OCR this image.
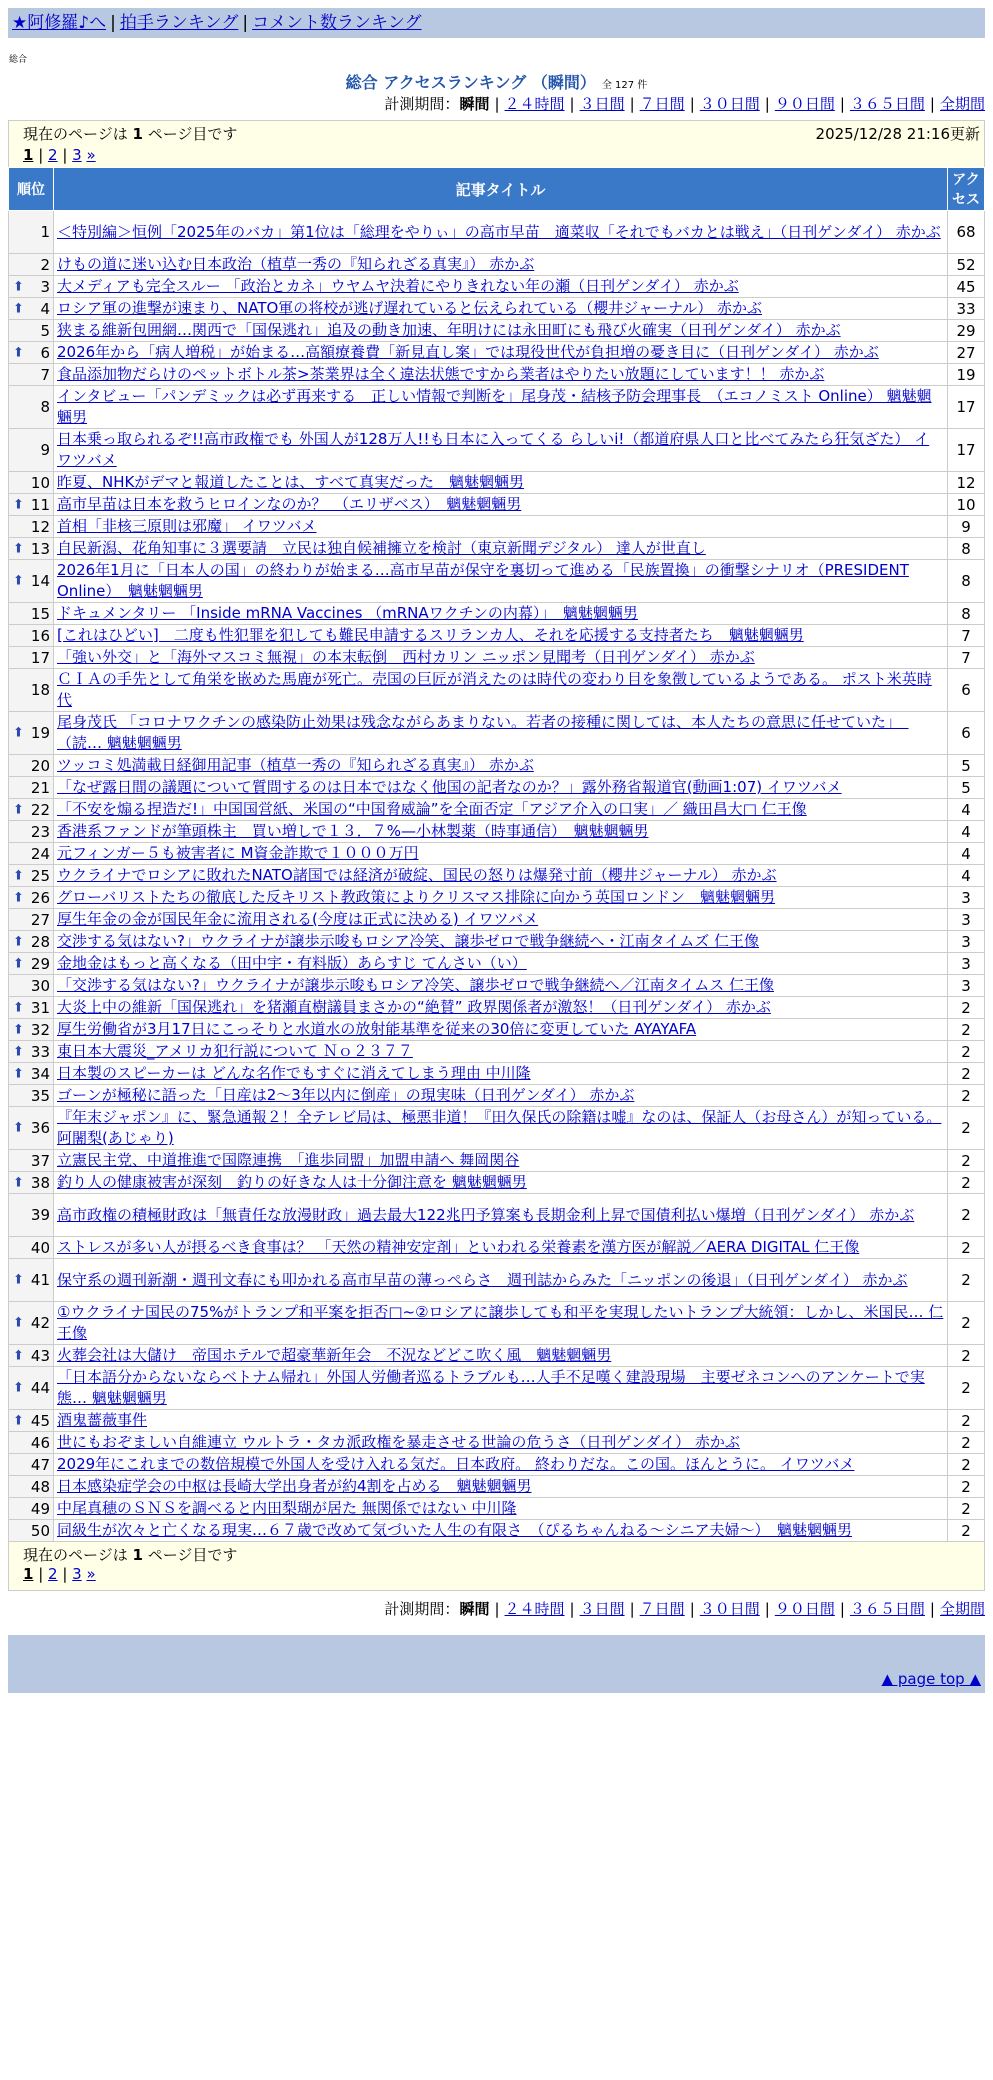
★阿修羅♪へ | 拍手ランキング | コメント数ランキング
総合
総合 アクセスランキング （瞬間） 全 127 件
計測期間：瞬間 | ２４時間 | ３日間 | ７日間 | ３０日間 | ９０日間 | ３６５日間 | 全期間
現在のページは 1 ページ目です	2025/12/28 21:16更新
1 | 2 | 3 »
順位	記事タイトル	アクセス
1	＜特別編＞恒例「2025年のバカ」第1位は「総理をやりぃ」の高市早苗　適菜収「それでもバカとは戦え」（日刊ゲンダイ） 赤かぶ	68
2	けもの道に迷い込む日本政治（植草一秀の『知られざる真実』） 赤かぶ	52

⬆ 3	大メディアも完全スルー 「政治とカネ」ウヤムヤ決着にやりきれない年の瀬（日刊ゲンダイ） 赤かぶ	45

⬆ 4	ロシア軍の進撃が速まり、NATO軍の将校が逃げ遅れていると伝えられている（櫻井ジャーナル） 赤かぶ	33
5	狭まる維新包囲網…関西で「国保逃れ」追及の動き加速、年明けには永田町にも飛び火確実（日刊ゲンダイ） 赤かぶ	29

⬆ 6	2026年から「病人増税」が始まる…高額療養費「新見直し案」では現役世代が負担増の憂き目に（日刊ゲンダイ） 赤かぶ	27
7	食品添加物だらけのペットボトル茶>茶業界は全く違法状態ですから業者はやりたい放題にしています！！ 赤かぶ	19
8	インタビュー「パンデミックは必ず再来する　正しい情報で判断を」尾身茂・結核予防会理事長　（エコノミスト Online） 魑魅魍魎男	17
9	日本乗っ取られるぞ!!高市政権でも 外国人が128万人!!も日本に入ってくる らしいi!（都道府県人口と比べてみたら狂気ざた） イワツバメ	17
10	昨夏、NHKがデマと報道したことは、すべて真実だった　魑魅魍魎男	12

⬆ 11	高市早苗は日本を救うヒロインなのか？　（エリザベス）　魑魅魍魎男	10
12	首相「非核三原則は邪魔」 イワツバメ	9

⬆ 13	自民新潟、花角知事に３選要請　立民は独自候補擁立を検討（東京新聞デジタル） 達人が世直し	8

⬆ 14	2026年1月に「日本人の国」の終わりが始まる…高市早苗が保守を裏切って進める「民族置換」の衝撃シナリオ（PRESIDENT Online）　魑魅魍魎男	8
15	ドキュメンタリー 「Inside mRNA Vaccines （mRNAワクチンの内幕）」　魑魅魍魎男	8
16	[これはひどい]　二度も性犯罪を犯しても難民申請するスリランカ人、それを応援する支持者たち　魑魅魍魎男	7
17	「強い外交」と「海外マスコミ無視」の本末転倒　西村カリン ニッポン見聞考（日刊ゲンダイ） 赤かぶ	7
18	ＣＩＡの手先として角栄を嵌めた馬鹿が死亡。売国の巨匠が消えたのは時代の変わり目を象徴しているようである。 ポスト米英時代	6

⬆ 19	尾身茂氏 「コロナワクチンの感染防止効果は残念ながらあまりない。若者の接種に関しては、本人たちの意思に任せていた」　（読… 魑魅魍魎男	6
20	ツッコミ処満載日経御用記事（植草一秀の『知られざる真実』） 赤かぶ	5
21	「なぜ露日間の議題について質問するのは日本ではなく他国の記者なのか？」露外務省報道官(動画1:07) イワツバメ	5

⬆ 22	「不安を煽る捏造だ!」中国国営紙、米国の“中国脅威論”を全面否定「アジア介入の口実」／ 織田昌大□ 仁王像	4
23	香港系ファンドが筆頭株主　買い増しで１３．７%—小林製薬（時事通信）　魑魅魍魎男	4
24	元フィンガー５も被害者に M資金詐欺で１０００万円	4

⬆ 25	ウクライナでロシアに敗れたNATO諸国では経済が破綻、国民の怒りは爆発寸前（櫻井ジャーナル） 赤かぶ	4

⬆ 26	グローバリストたちの徹底した反キリスト教政策によりクリスマス排除に向かう英国ロンドン　魑魅魍魎男	3
27	厚生年金の金が国民年金に流用される(今度は正式に決める) イワツバメ	3

⬆ 28	交渉する気はない?」ウクライナが譲歩示唆もロシア冷笑、譲歩ゼロで戦争継続へ・江南タイムズ 仁王像	3

⬆ 29	金地金はもっと高くなる（田中宇・有料版）あらすじ てんさい（い）	3
30	「交渉する気はない?」ウクライナが譲歩示唆もロシア冷笑、譲歩ゼロで戦争継続へ／江南タイムス 仁王像	3

⬆ 31	大炎上中の維新「国保逃れ」を猪瀬直樹議員まさかの“絶賛” 政界関係者が激怒！（日刊ゲンダイ） 赤かぶ	2

⬆ 32	厚生労働省が3月17日にこっそりと水道水の放射能基準を従来の30倍に変更していた AYAYAFA	2

⬆ 33	東日本大震災_アメリカ犯行説について Ｎｏ２３７７	2

⬆ 34	日本製のスピーカーは どんな名作でもすぐに消えてしまう理由 中川隆	2
35	ゴーンが極秘に語った「日産は2～3年以内に倒産」の現実味（日刊ゲンダイ） 赤かぶ	2

⬆ 36	『年末ジャポン』に、緊急通報２！全テレビ局は、極悪非道！『田久保氏の除籍は嘘』なのは、保証人（お母さん）が知っている。 阿闍梨(あじゃり)	2
37	立憲民主党、中道推進で国際連携　「進歩同盟」加盟申請へ 舞岡関谷	2

⬆ 38	釣り人の健康被害が深刻　釣りの好きな人は十分御注意を 魑魅魍魎男	2
39	高市政権の積極財政は「無責任な放漫財政」過去最大122兆円予算案も長期金利上昇で国債利払い爆増（日刊ゲンダイ） 赤かぶ	2
40	ストレスが多い人が摂るべき食事は？ 「天然の精神安定剤」といわれる栄養素を漢方医が解説／AERA DIGITAL 仁王像	2

⬆ 41	保守系の週刊新潮・週刊文春にも叩かれる高市早苗の薄っぺらさ　週刊誌からみた「ニッポンの後退」（日刊ゲンダイ） 赤かぶ	2

⬆ 42	①ウクライナ国民の75%がトランプ和平案を拒否□~②ロシアに譲歩しても和平を実現したいトランプ大統領：しかし、米国民… 仁王像	2

⬆ 43	火葬会社は大儲け　帝国ホテルで超豪華新年会　不況などどこ吹く風　魑魅魍魎男	2

⬆ 44	「日本語分からないならベトナム帰れ」外国人労働者巡るトラブルも…人手不足嘆く建設現場　主要ゼネコンへのアンケートで実態… 魑魅魍魎男	2

⬆ 45	酒鬼薔薇事件	2
46	世にもおぞましい自維連立 ウルトラ・タカ派政権を暴走させる世論の危うさ（日刊ゲンダイ） 赤かぶ	2
47	2029年にこれまでの数倍規模で外国人を受け入れる気だ。日本政府。 終わりだな。この国。ほんとうに。 イワツバメ	2
48	日本感染症学会の中枢は長崎大学出身者が約4割を占める　魑魅魍魎男	2
49	中尾真穂のＳＮＳを調べると内田梨瑚が居た 無関係ではない 中川隆	2
50	同級生が次々と亡くなる現実…６７歳で改めて気づいた人生の有限さ　（ぴるちゃんねる〜シニア夫婦〜）　魑魅魍魎男	2
現在のページは 1 ページ目です
1 | 2 | 3 »
計測期間：瞬間 | ２４時間 | ３日間 | ７日間 | ３０日間 | ９０日間 | ３６５日間 | 全期間
▲ page top ▲
